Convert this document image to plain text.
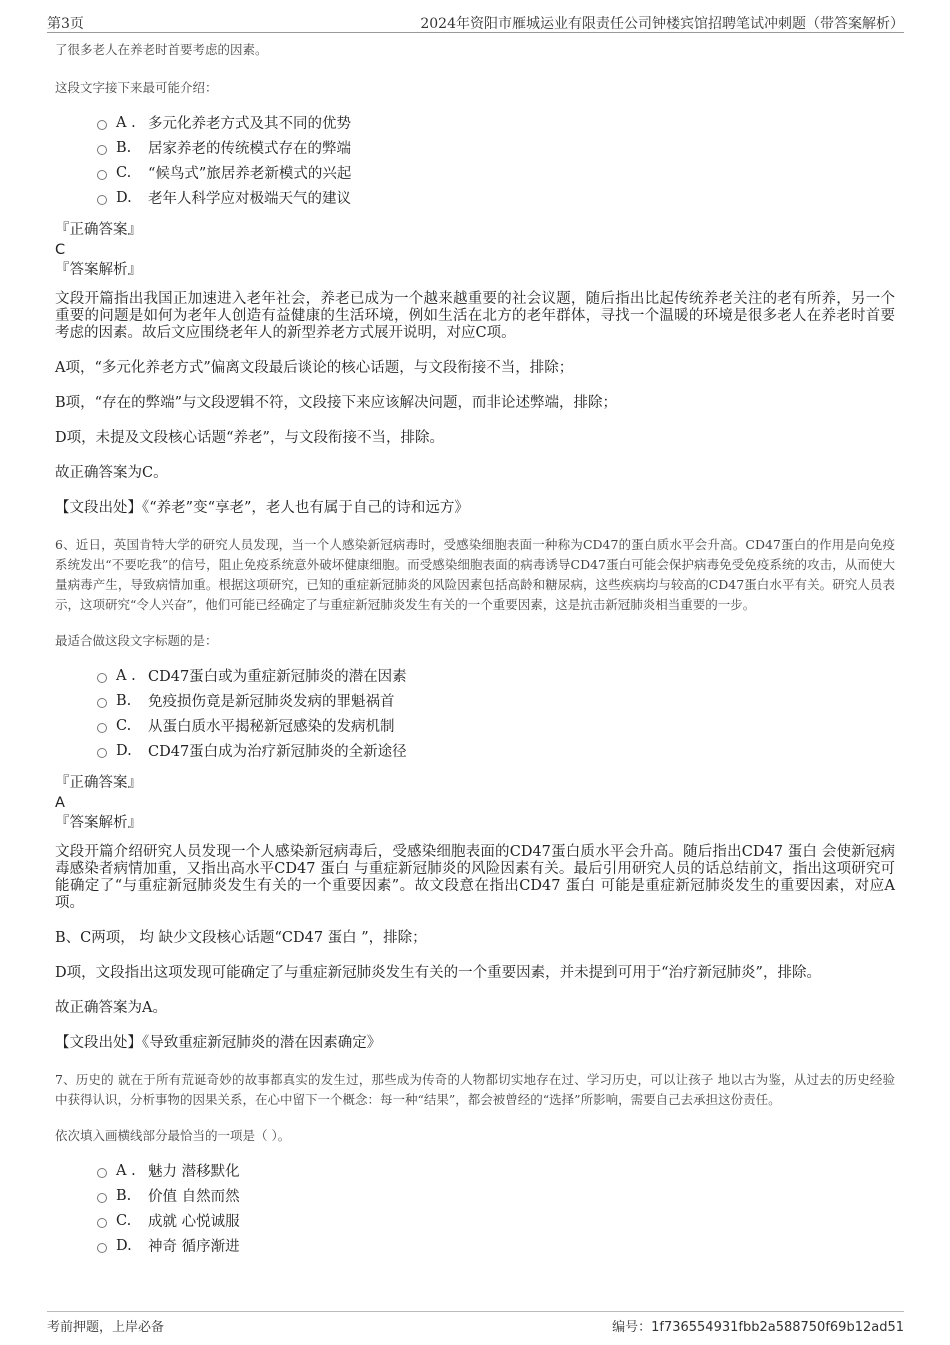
第3页	2024年资阳市雁城运业有限责任公司钟楼宾馆招聘笔试冲刺题（带答案解析）

了很多老人在养老时首要考虑的因素。

这段文字接下来最可能介绍：

A . 多元化养老方式及其不同的优势
B.	居家养老的传统模式存在的弊端
C.	“候鸟式”旅居养老新模式的兴起
D.	老年人科学应对极端天气的建议
『正确答案』
C
『答案解析』

文段开篇指出我国正加速进入老年社会，养老已成为一个越来越重要的社会议题，随后指出比起传统养老关注的老有所养，另一个重要的问题是如何为老年人创造有益健康的生活环境，例如生活在北方的老年群体，寻找一个温暖的环境是很多老人在养老时首要考虑的因素。故后文应围绕老年人的新型养老方式展开说明，对应C项。

A项，“多元化养老方式”偏离文段最后谈论的核心话题，与文段衔接不当，排除；

B项，“存在的弊端”与文段逻辑不符，文段接下来应该解决问题，而非论述弊端，排除；

D项，未提及文段核心话题“养老”，与文段衔接不当，排除。

故正确答案为C。

【文段出处】《“养老”变“享老”，老人也有属于自己的诗和远方》

6、近日，英国肯特大学的研究人员发现，当一个人感染新冠病毒时，受感染细胞表面一种称为CD47的蛋白质水平会升高。CD47蛋白的作用是向免疫系统发出“不要吃我”的信号，阻止免疫系统意外破坏健康细胞。而受感染细胞表面的病毒诱导CD47蛋白可能会保护病毒免受免疫系统的攻击，从而使大量病毒产生，导致病情加重。根据这项研究，已知的重症新冠肺炎的风险因素包括高龄和糖尿病，这些疾病均与较高的CD47蛋白水平有关。研究人员表示，这项研究“令人兴奋”，他们可能已经确定了与重症新冠肺炎发生有关的一个重要因素，这是抗击新冠肺炎相当重要的一步。

最适合做这段文字标题的是：

A . CD47蛋白或为重症新冠肺炎的潜在因素
B.	免疫损伤竟是新冠肺炎发病的罪魁祸首
C.	从蛋白质水平揭秘新冠感染的发病机制
D.	CD47蛋白成为治疗新冠肺炎的全新途径
『正确答案』
A
『答案解析』

文段开篇介绍研究人员发现一个人感染新冠病毒后，受感染细胞表面的CD47蛋白质水平会升高。随后指出CD47 蛋白 会使新冠病毒感染者病情加重，又指出高水平CD47 蛋白 与重症新冠肺炎的风险因素有关。最后引用研究人员的话总结前文，指出这项研究可能确定了“与重症新冠肺炎发生有关的一个重要因素”。故文段意在指出CD47 蛋白 可能是重症新冠肺炎发生的重要因素，对应A项。

B、C两项， 均 缺少文段核心话题“CD47 蛋白 ”，排除；

D项，文段指出这项发现可能确定了与重症新冠肺炎发生有关的一个重要因素，并未提到可用于“治疗新冠肺炎”，排除。

故正确答案为A。

【文段出处】《导致重症新冠肺炎的潜在因素确定》

7、历史的 就在于所有荒诞奇妙的故事都真实的发生过，那些成为传奇的人物都切实地存在过、学习历史，可以让孩子 地以古为鉴，从过去的历史经验中获得认识，分析事物的因果关系，在心中留下一个概念：每一种“结果”，都会被曾经的“选择”所影响，需要自己去承担这份责任。

依次填入画横线部分最恰当的一项是（ ）。

A . 魅力 潜移默化
B.	价值 自然而然
C.	成就 心悦诚服
D.	神奇 循序渐进
考前押题，上岸必备	编号：1f736554931fbb2a588750f69b12ad51
